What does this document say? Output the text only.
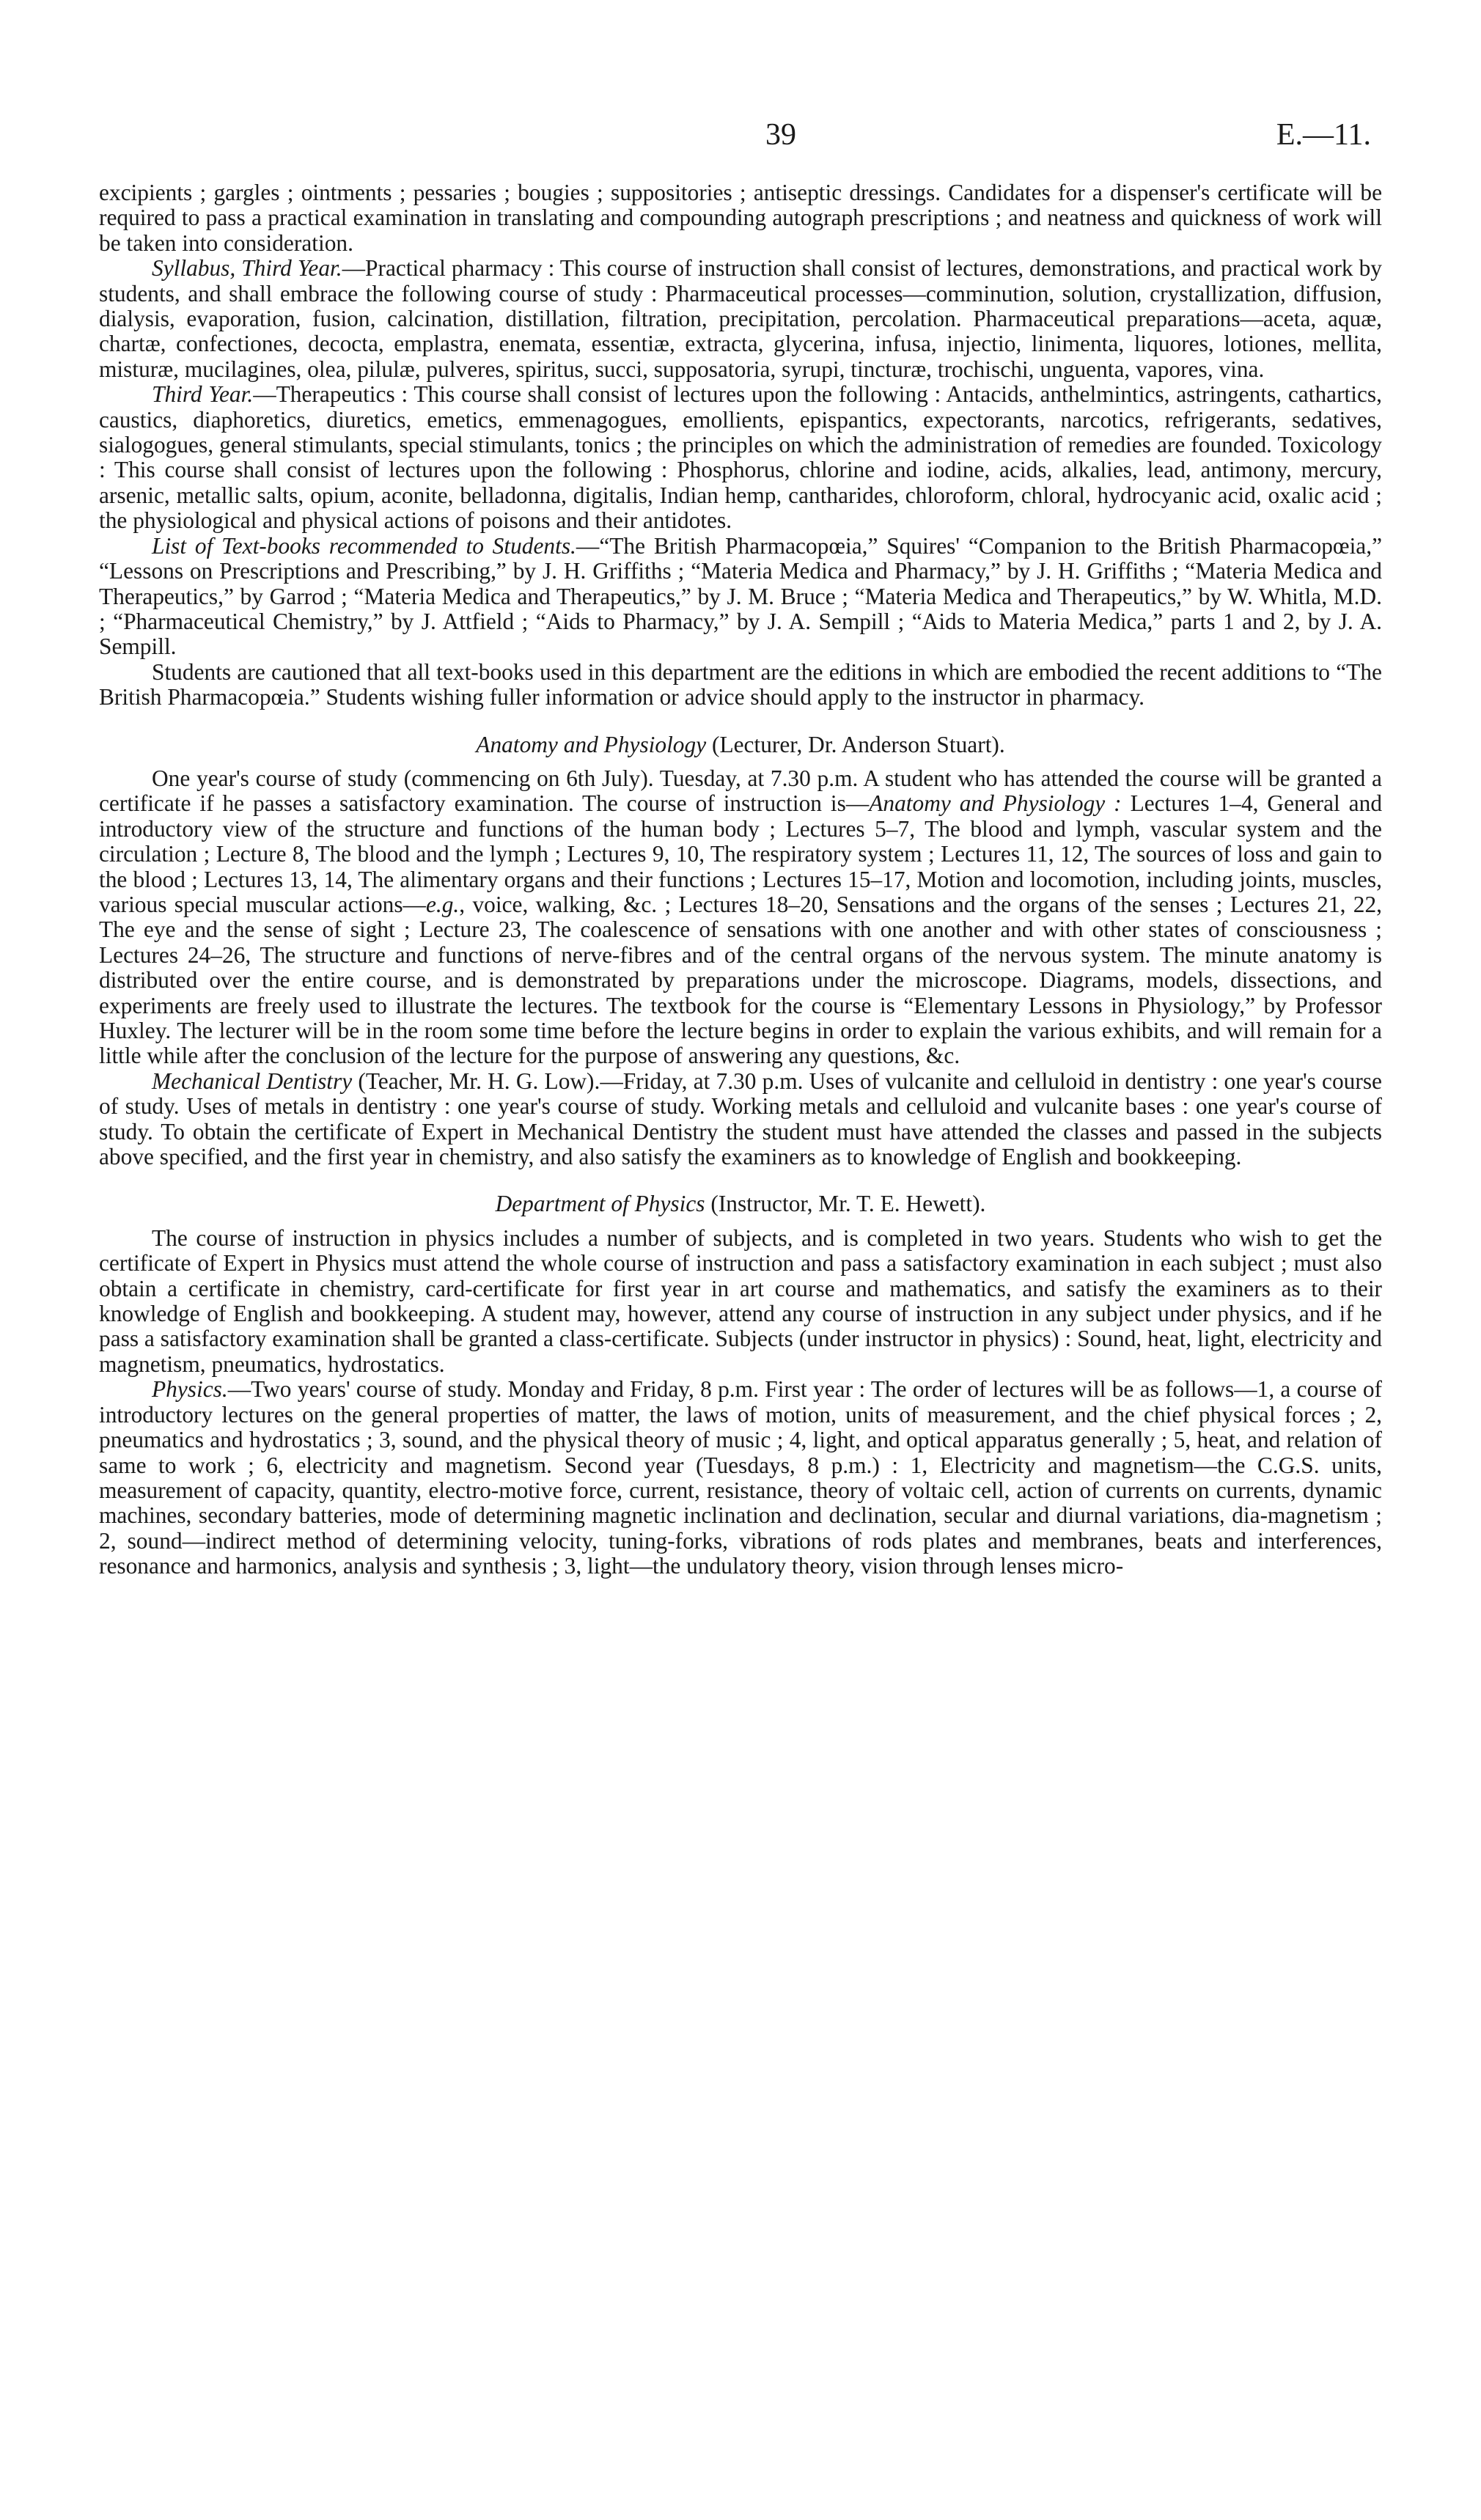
39	E.—11.

excipients ; gargles ; ointments ; pessaries ; bougies ; suppositories ; antiseptic dressings. Candidates for a dispenser's certificate will be required to pass a practical examination in translating and compounding autograph prescriptions ; and neatness and quickness of work will be taken into consideration.

Syllabus, Third Year.—Practical pharmacy : This course of instruction shall consist of lectures, demonstrations, and practical work by students, and shall embrace the following course of study : Pharmaceutical processes—comminution, solution, crystallization, diffusion, dialysis, evaporation, fusion, calcination, distillation, filtration, precipitation, percolation. Pharmaceutical preparations—aceta, aquæ, chartæ, confectiones, decocta, emplastra, enemata, essentiæ, extracta, glycerina, infusa, injectio, linimenta, liquores, lotiones, mellita, misturæ, mucilagines, olea, pilulæ, pulveres, spiritus, succi, supposatoria, syrupi, tincturæ, trochischi, unguenta, vapores, vina.

Third Year.—Therapeutics : This course shall consist of lectures upon the following : Antacids, anthelmintics, astringents, cathartics, caustics, diaphoretics, diuretics, emetics, emmenagogues, emollients, epispantics, expectorants, narcotics, refrigerants, sedatives, sialogogues, general stimulants, special stimulants, tonics ; the principles on which the administration of remedies are founded. Toxicology : This course shall consist of lectures upon the following : Phosphorus, chlorine and iodine, acids, alkalies, lead, antimony, mercury, arsenic, metallic salts, opium, aconite, belladonna, digitalis, Indian hemp, cantharides, chloroform, chloral, hydrocyanic acid, oxalic acid ; the physiological and physical actions of poisons and their antidotes.

List of Text-books recommended to Students.—“The British Pharmacopœia,” Squires' “Companion to the British Pharmacopœia,” “Lessons on Prescriptions and Prescribing,” by J. H. Griffiths ; “Materia Medica and Pharmacy,” by J. H. Griffiths ; “Materia Medica and Therapeutics,” by Garrod ; “Materia Medica and Therapeutics,” by J. M. Bruce ; “Materia Medica and Therapeutics,” by W. Whitla, M.D. ; “Pharmaceutical Chemistry,” by J. Attfield ; “Aids to Pharmacy,” by J. A. Sempill ; “Aids to Materia Medica,” parts 1 and 2, by J. A. Sempill.

Students are cautioned that all text-books used in this department are the editions in which are embodied the recent additions to “The British Pharmacopœia.” Students wishing fuller information or advice should apply to the instructor in pharmacy.

Anatomy and Physiology (Lecturer, Dr. Anderson Stuart).

One year's course of study (commencing on 6th July). Tuesday, at 7.30 p.m. A student who has attended the course will be granted a certificate if he passes a satisfactory examination. The course of instruction is—Anatomy and Physiology : Lectures 1–4, General and introductory view of the structure and functions of the human body ; Lectures 5–7, The blood and lymph, vascular system and the circulation ; Lecture 8, The blood and the lymph ; Lectures 9, 10, The respiratory system ; Lectures 11, 12, The sources of loss and gain to the blood ; Lectures 13, 14, The alimentary organs and their functions ; Lectures 15–17, Motion and locomotion, including joints, muscles, various special muscular actions—e.g., voice, walking, &c. ; Lectures 18–20, Sensations and the organs of the senses ; Lectures 21, 22, The eye and the sense of sight ; Lecture 23, The coalescence of sensations with one another and with other states of consciousness ; Lectures 24–26, The structure and functions of nerve-fibres and of the central organs of the nervous system. The minute anatomy is distributed over the entire course, and is demonstrated by preparations under the microscope. Diagrams, models, dissections, and experiments are freely used to illustrate the lectures. The textbook for the course is “Elementary Lessons in Physiology,” by Professor Huxley. The lecturer will be in the room some time before the lecture begins in order to explain the various exhibits, and will remain for a little while after the conclusion of the lecture for the purpose of answering any questions, &c.

Mechanical Dentistry (Teacher, Mr. H. G. Low).—Friday, at 7.30 p.m. Uses of vulcanite and celluloid in dentistry : one year's course of study. Uses of metals in dentistry : one year's course of study. Working metals and celluloid and vulcanite bases : one year's course of study. To obtain the certificate of Expert in Mechanical Dentistry the student must have attended the classes and passed in the subjects above specified, and the first year in chemistry, and also satisfy the examiners as to knowledge of English and bookkeeping.

Department of Physics (Instructor, Mr. T. E. Hewett).

The course of instruction in physics includes a number of subjects, and is completed in two years. Students who wish to get the certificate of Expert in Physics must attend the whole course of instruction and pass a satisfactory examination in each subject ; must also obtain a certificate in chemistry, card-certificate for first year in art course and mathematics, and satisfy the examiners as to their knowledge of English and bookkeeping. A student may, however, attend any course of instruction in any subject under physics, and if he pass a satisfactory examination shall be granted a class-certificate. Subjects (under instructor in physics) : Sound, heat, light, electricity and magnetism, pneumatics, hydrostatics.

Physics.—Two years' course of study. Monday and Friday, 8 p.m. First year : The order of lectures will be as follows—1, a course of introductory lectures on the general properties of matter, the laws of motion, units of measurement, and the chief physical forces ; 2, pneumatics and hydrostatics ; 3, sound, and the physical theory of music ; 4, light, and optical apparatus generally ; 5, heat, and relation of same to work ; 6, electricity and magnetism. Second year (Tuesdays, 8 p.m.) : 1, Electricity and magnetism—the C.G.S. units, measurement of capacity, quantity, electro-motive force, current, resistance, theory of voltaic cell, action of currents on currents, dynamic machines, secondary batteries, mode of determining magnetic inclination and declination, secular and diurnal variations, dia-magnetism ; 2, sound—indirect method of determining velocity, tuning-forks, vibrations of rods plates and membranes, beats and interferences, resonance and harmonics, analysis and synthesis ; 3, light—the undulatory theory, vision through lenses micro-
